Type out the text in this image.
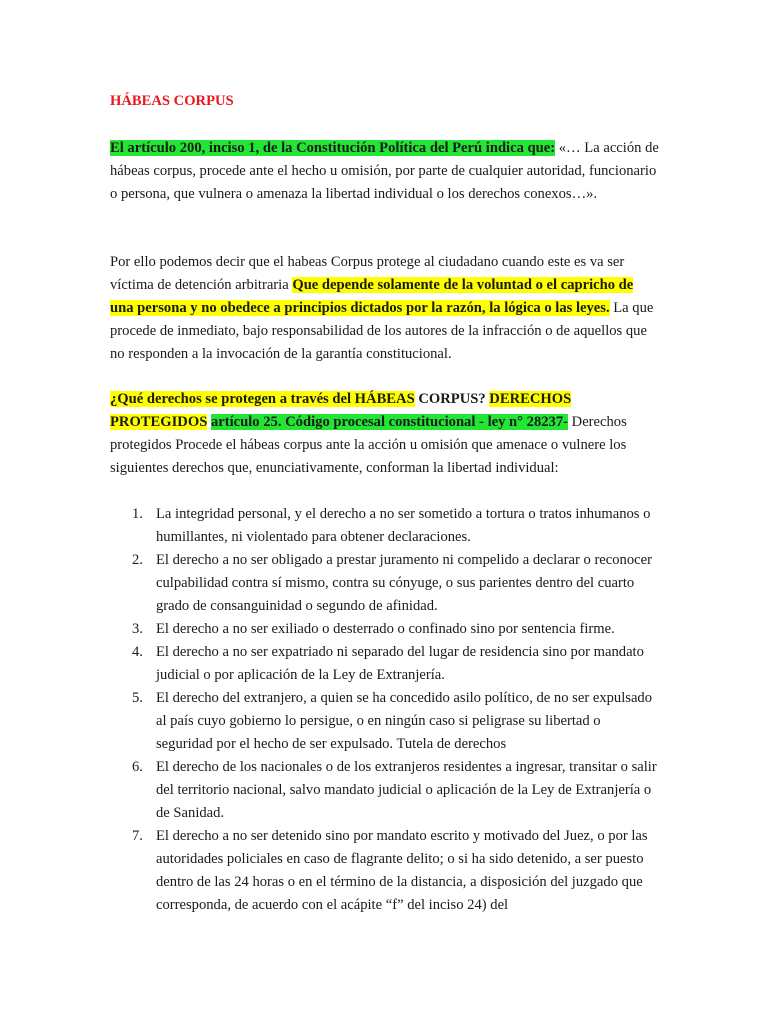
HÁBEAS CORPUS

El artículo 200, inciso 1, de la Constitución Política del Perú indica que: «… La acción de hábeas corpus, procede ante el hecho u omisión, por parte de cualquier autoridad, funcionario o persona, que vulnera o amenaza la libertad individual o los derechos conexos…».

Por ello podemos decir que el habeas Corpus protege al ciudadano cuando este es va ser víctima de detención arbitraria Que depende solamente de la voluntad o el capricho de una persona y no obedece a principios dictados por la razón, la lógica o las leyes. La que procede de inmediato, bajo responsabilidad de los autores de la infracción o de aquellos que no responden a la invocación de la garantía constitucional.

¿Qué derechos se protegen a través del HÁBEAS CORPUS? DERECHOS PROTEGIDOS artículo 25. Código procesal constitucional - ley n° 28237- Derechos protegidos Procede el hábeas corpus ante la acción u omisión que amenace o vulnere los siguientes derechos que, enunciativamente, conforman la libertad individual:

1. La integridad personal, y el derecho a no ser sometido a tortura o tratos inhumanos o humillantes, ni violentado para obtener declaraciones.
2. El derecho a no ser obligado a prestar juramento ni compelido a declarar o reconocer culpabilidad contra sí mismo, contra su cónyuge, o sus parientes dentro del cuarto grado de consanguinidad o segundo de afinidad.
3. El derecho a no ser exiliado o desterrado o confinado sino por sentencia firme.
4. El derecho a no ser expatriado ni separado del lugar de residencia sino por mandato judicial o por aplicación de la Ley de Extranjería.
5. El derecho del extranjero, a quien se ha concedido asilo político, de no ser expulsado al país cuyo gobierno lo persigue, o en ningún caso si peligrase su libertad o seguridad por el hecho de ser expulsado. Tutela de derechos
6. El derecho de los nacionales o de los extranjeros residentes a ingresar, transitar o salir del territorio nacional, salvo mandato judicial o aplicación de la Ley de Extranjería o de Sanidad.
7. El derecho a no ser detenido sino por mandato escrito y motivado del Juez, o por las autoridades policiales en caso de flagrante delito; o si ha sido detenido, a ser puesto dentro de las 24 horas o en el término de la distancia, a disposición del juzgado que corresponda, de acuerdo con el acápite “f” del inciso 24) del
